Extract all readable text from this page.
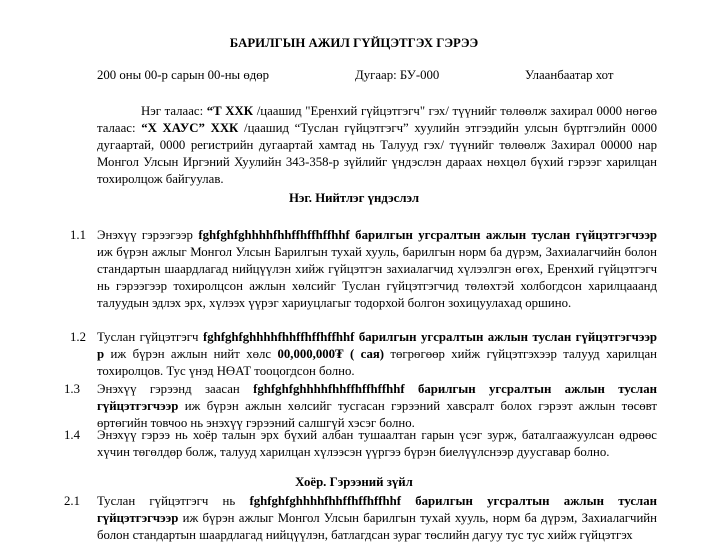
БАРИЛГЫН АЖИЛ ГҮЙЦЭТГЭХ ГЭРЭЭ
200 оны 00-р сарын 00-ны өдөр	Дугаар: БУ-000	Улаанбаатар хот

Нэг талаас: “Т ХХК /цаашид "Еренхий гүйцэтгэгч" гэх/ түүнийг төлөөлж захирал 0000 нөгөө талаас: “Х ХАУС” ХХК /цаашид “Туслан гүйцэтгэгч” хуулийн этгээдийн улсын бүртгэлийн 0000 дугаартай, 0000 регистрийн дугаартай хамтад нь Талууд гэх/ түүнийг төлөөлж Захирал 00000 нар Монгол Улсын Иргэний Хуулийн 343-358-р зүйлийг үндэслэн дараах нөхцөл бүхий гэрээг харилцан тохиролцож байгуулав.

Нэг. Нийтлэг үндэслэл
1.1 Энэхүү гэрээгээр fghfghfghhhhfhhffhffhffhhf барилгын угсралтын ажлын туслан гүйцэтгэгчээр иж бүрэн ажлыг Монгол Улсын Барилгын тухай хууль, барилгын норм ба дүрэм, Захиалагчийн болон стандартын шаардлагад нийцүүлэн хийж гүйцэтгэн захиалагчид хүлээлгэн өгөх, Еренхий гүйцэтгэгч нь гэрээгээр тохиролцсон ажлын хөлсийг Туслан гүйцэтгэгчид төлөхтэй холбогдсон харилцааанд талуудын эдлэх эрх, хүлээх үүрэг хариуцлагыг тодорхой болгон зохицуулахад оршино.

1.2 Туслан гүйцэтгэгч fghfghfghhhhfhhffhffhffhhf барилгын угсралтын ажлын туслан гүйцэтгэгчээр р иж бүрэн ажлын нийт хөлс 00,000,000₮ ( сая) төгрөгөөр хийж гүйцэтгэхээр талууд харилцан тохиролцов. Тус үнэд НӨАТ тооцогдсон болно.

1.3 Энэхүү гэрээнд заасан fghfghfghhhhfhhffhffhffhhf барилгын угсралтын ажлын туслан гүйцэтгэгчээр иж бүрэн ажлын хөлсийг тусгасан гэрээний хавсралт болох гэрээт ажлын төсөвт өртөгийн товчоо нь энэхүү гэрээний салшгүй хэсэг болно.

1.4 Энэхүү гэрээ нь хоёр талын эрх бүхий албан тушаалтан гарын үсэг зурж, баталгаажуулсан өдрөөс хүчин төгөлдөр болж, талууд харилцан хүлээсэн үүргээ бүрэн биелүүлснээр дуусгавар болно.

Хоёр. Гэрээний зүйл
2.1 Туслан гүйцэтгэгч нь fghfghfghhhhfhhffhffhffhhf барилгын угсралтын ажлын туслан гүйцэтгэгчээр иж бүрэн ажлыг Монгол Улсын барилгын тухай хууль, норм ба дүрэм, Захиалагчийн болон стандартын шаардлагад нийцүүлэн, батлагдсан зураг төслийн дагуу тус тус хийж гүйцэтгэх
